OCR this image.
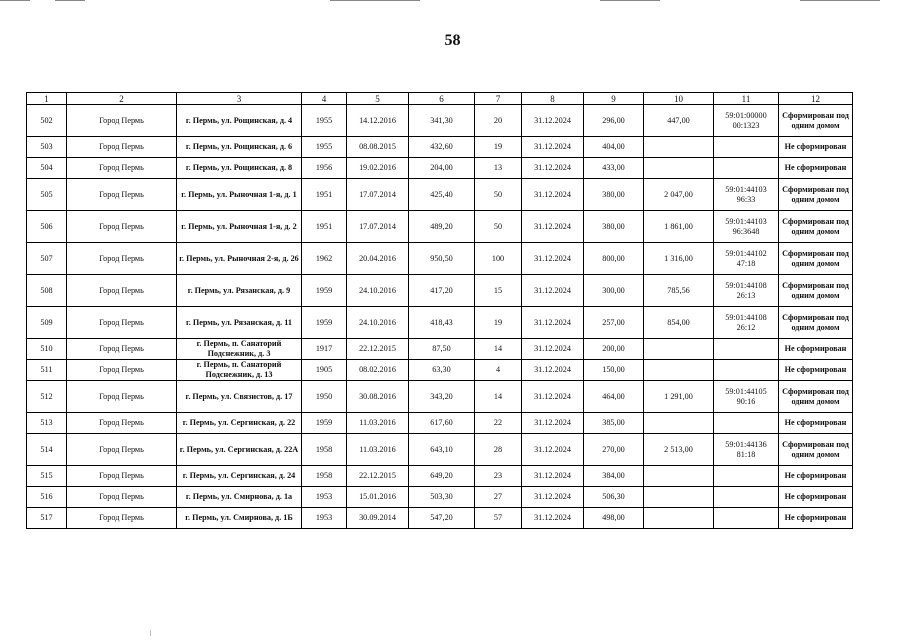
58
1	2	3	4	5	6	7	8	9	10	11	12
502	Город Пермь	г. Пермь, ул. Рощинская, д. 4	1955	14.12.2016	341,30	20	31.12.2024	296,00	447,00	59:01:00000 00:1323	Сформирован под одним домом
503	Город Пермь	г. Пермь, ул. Рощинская, д. 6	1955	08.08.2015	432,60	19	31.12.2024	404,00			Не сформирован
504	Город Пермь	г. Пермь, ул. Рощинская, д. 8	1956	19.02.2016	204,00	13	31.12.2024	433,00			Не сформирован
505	Город Пермь	г. Пермь, ул. Рыночная 1-я, д. 1	1951	17.07.2014	425,40	50	31.12.2024	380,00	2 047,00	59:01:44103 96:33	Сформирован под одним домом
506	Город Пермь	г. Пермь, ул. Рыночная 1-я, д. 2	1951	17.07.2014	489,20	50	31.12.2024	380,00	1 861,00	59:01:44103 96:3648	Сформирован под одним домом
507	Город Пермь	г. Пермь, ул. Рыночная 2-я, д. 26	1962	20.04.2016	950,50	100	31.12.2024	800,00	1 316,00	59:01:44102 47:18	Сформирован под одним домом
508	Город Пермь	г. Пермь, ул. Рязанская, д. 9	1959	24.10.2016	417,20	15	31.12.2024	300,00	785,56	59:01:44108 26:13	Сформирован под одним домом
509	Город Пермь	г. Пермь, ул. Рязанская, д. 11	1959	24.10.2016	418,43	19	31.12.2024	257,00	854,00	59:01:44108 26:12	Сформирован под одним домом
510	Город Пермь	г. Пермь, п. Санаторий Подснежник, д. 3	1917	22.12.2015	87,50	14	31.12.2024	200,00			Не сформирован
511	Город Пермь	г. Пермь, п. Санаторий Подснежник, д. 13	1905	08.02.2016	63,30	4	31.12.2024	150,00			Не сформирован
512	Город Пермь	г. Пермь, ул. Связистов, д. 17	1950	30.08.2016	343,20	14	31.12.2024	464,00	1 291,00	59:01:44105 90:16	Сформирован под одним домом
513	Город Пермь	г. Пермь, ул. Сергинская, д. 22	1959	11.03.2016	617,60	22	31.12.2024	385,00			Не сформирован
514	Город Пермь	г. Пермь, ул. Сергинская, д. 22А	1958	11.03.2016	643,10	28	31.12.2024	270,00	2 513,00	59:01:44136 81:18	Сформирован под одним домом
515	Город Пермь	г. Пермь, ул. Сергинская, д. 24	1958	22.12.2015	649,20	23	31.12.2024	384,00			Не сформирован
516	Город Пермь	г. Пермь, ул. Смирнова, д. 1а	1953	15.01.2016	503,30	27	31.12.2024	506,30			Не сформирован
517	Город Пермь	г. Пермь, ул. Смирнова, д. 1Б	1953	30.09.2014	547,20	57	31.12.2024	498,00			Не сформирован
